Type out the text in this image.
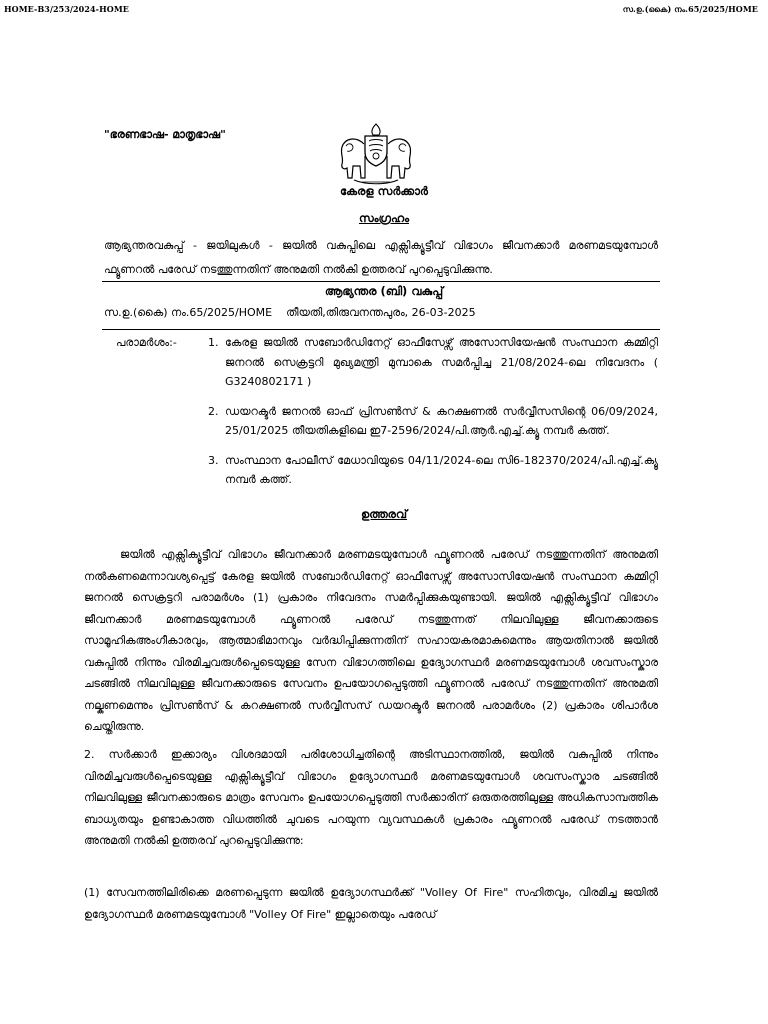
HOME-B3/253/2024-HOME	സ.ഉ.(കൈ) നം.65/2025/HOME
"ഭരണഭാഷ- മാതൃഭാഷ"
കേരള സർക്കാർ
സംഗ്രഹം
ആഭ്യന്തരവകുപ്പ് - ജയിലുകൾ - ജയിൽ വകുപ്പിലെ എക്സിക്യൂട്ടീവ് വിഭാഗം ജീവനക്കാർ മരണമടയുമ്പോൾ ഫ്യൂണറൽ പരേഡ് നടത്തുന്നതിന് അനുമതി നൽകി ഉത്തരവ് പുറപ്പെടുവിക്കുന്നു.
ആഭ്യന്തര (ബി) വകുപ്പ്
സ.ഉ.(കൈ) നം.65/2025/HOME തീയതി,തിരുവനന്തപുരം, 26-03-2025
പരാമർശം:-	1. കേരള ജയിൽ സബോർഡിനേറ്റ് ഓഫീസേഴ്സ് അസോസിയേഷൻ സംസ്ഥാന കമ്മിറ്റി ജനറൽ സെക്രട്ടറി മുഖ്യമന്ത്രി മുമ്പാകെ സമർപ്പിച്ച 21/08/2024-ലെ നിവേദനം ( G3240802171 )
2. ഡയറക്ടർ ജനറൽ ഓഫ് പ്രിസൺസ് & കറക്ഷണൽ സർവ്വീസസിന്റെ 06/09/2024, 25/01/2025 തീയതികളിലെ ഇ7-2596/2024/പി.ആർ.എച്ച്.ക്യൂ നമ്പർ കത്ത്.
3. സംസ്ഥാന പോലീസ് മേധാവിയുടെ 04/11/2024-ലെ സി6-182370/2024/പി.എച്ച്.ക്യൂ നമ്പർ കത്ത്.
ഉത്തരവ്

ജയിൽ എക്സിക്യൂട്ടീവ് വിഭാഗം ജീവനക്കാർ മരണമടയുമ്പോൾ ഫ്യൂണറൽ പരേഡ് നടത്തുന്നതിന് അനുമതി നൽകണമെന്നാവശ്യപ്പെട്ട് കേരള ജയിൽ സബോർഡിനേറ്റ് ഓഫീസേഴ്സ് അസോസിയേഷൻ സംസ്ഥാന കമ്മിറ്റി ജനറൽ സെക്രട്ടറി പരാമർശം (1) പ്രകാരം നിവേദനം സമർപ്പിക്കുകയുണ്ടായി. ജയിൽ എക്സിക്യൂട്ടീവ് വിഭാഗം ജീവനക്കാർ മരണമടയുമ്പോൾ ഫ്യൂണറൽ പരേഡ് നടത്തുന്നത് നിലവിലുള്ള ജീവനക്കാരുടെ സാമൂഹികഅംഗീകാരവും, ആത്മാഭിമാനവും വർദ്ധിപ്പിക്കുന്നതിന് സഹായകരമാകുമെന്നും ആയതിനാൽ ജയിൽ വകുപ്പിൽ നിന്നും വിരമിച്ചവരുൾപ്പെടെയുള്ള സേന വിഭാഗത്തിലെ ഉദ്യോഗസ്ഥർ മരണമടയുമ്പോൾ ശവസംസ്കാര ചടങ്ങിൽ നിലവിലുള്ള ജീവനക്കാരുടെ സേവനം ഉപയോഗപ്പെടുത്തി ഫ്യൂണറൽ പരേഡ് നടത്തുന്നതിന് അനുമതി നല്കണമെന്നും പ്രിസൺസ് & കറക്ഷണൽ സർവ്വീസസ് ഡയറക്ടർ ജനറൽ പരാമർശം (2) പ്രകാരം ശിപാർശ ചെയ്തിരുന്നു.

2. സർക്കാർ ഇക്കാര്യം വിശദമായി പരിശോധിച്ചതിന്റെ അടിസ്ഥാനത്തിൽ, ജയിൽ വകുപ്പിൽ നിന്നും വിരമിച്ചവരുൾപ്പെടെയുള്ള എക്സിക്യൂട്ടീവ് വിഭാഗം ഉദ്യോഗസ്ഥർ മരണമടയുമ്പോൾ ശവസംസ്കാര ചടങ്ങിൽ നിലവിലുള്ള ജീവനക്കാരുടെ മാത്രം സേവനം ഉപയോഗപ്പെടുത്തി സർക്കാരിന് ഒരുതരത്തിലുള്ള അധികസാമ്പത്തിക ബാധ്യതയും ഉണ്ടാകാത്ത വിധത്തിൽ ചുവടെ പറയുന്ന വ്യവസ്ഥകൾ പ്രകാരം ഫ്യൂണറൽ പരേഡ് നടത്താൻ അനുമതി നൽകി ഉത്തരവ് പുറപ്പെടുവിക്കുന്നു:

(1) സേവനത്തിലിരിക്കെ മരണപ്പെടുന്ന ജയിൽ ഉദ്യോഗസ്ഥർക്ക് "Volley Of Fire" സഹിതവും, വിരമിച്ച ജയിൽ ഉദ്യോഗസ്ഥർ മരണമടയുമ്പോൾ "Volley Of Fire" ഇല്ലാതെയും പരേഡ്
